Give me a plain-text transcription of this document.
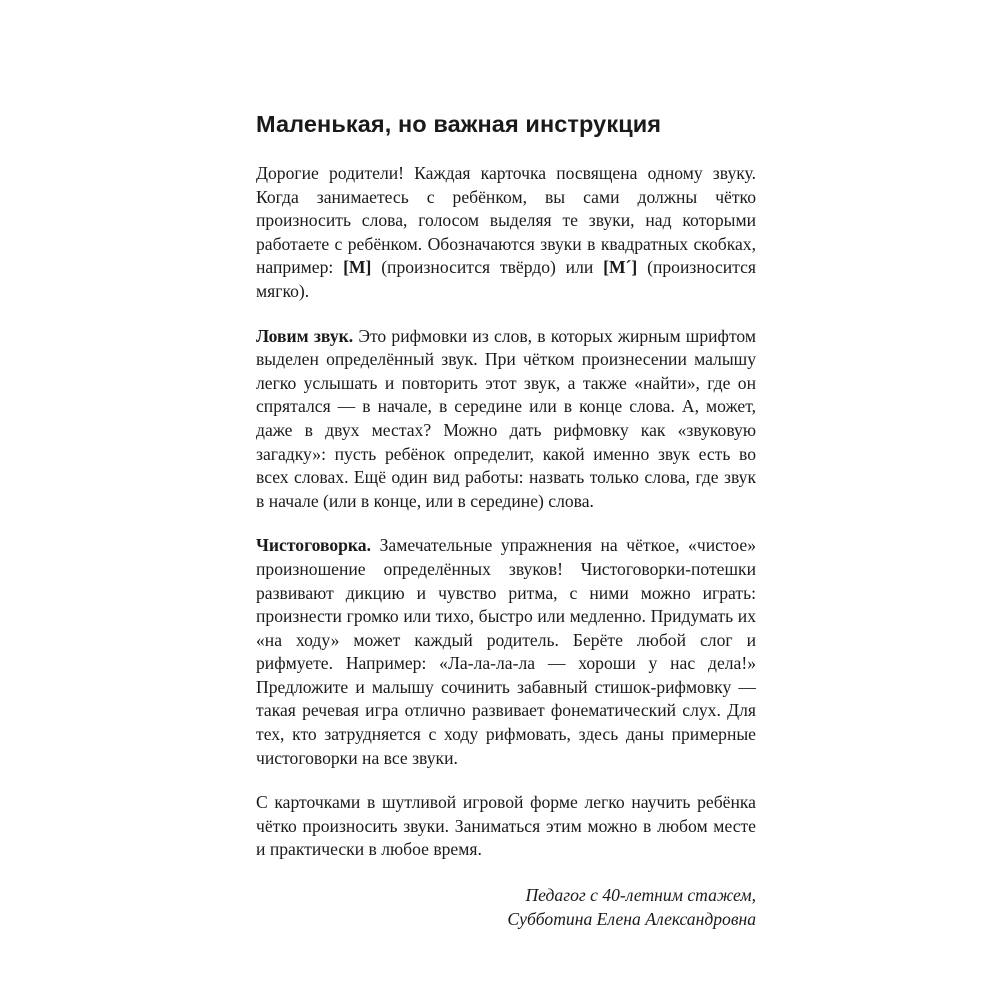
Маленькая, но важная инструкция

Дорогие родители! Каждая карточка посвящена одному звуку. Когда занимаетесь с ребёнком, вы сами должны чётко произносить слова, голосом выделяя те звуки, над которыми работаете с ребёнком. Обозначаются звуки в квадратных скобках, например: [М] (произносится твёрдо) или [М´] (произносится мягко).

Ловим звук. Это рифмовки из слов, в которых жирным шрифтом выделен определённый звук. При чётком произнесении малышу легко услышать и повторить этот звук, а также «найти», где он спрятался — в начале, в середине или в конце слова. А, может, даже в двух местах? Можно дать рифмовку как «звуковую загадку»: пусть ребёнок определит, какой именно звук есть во всех словах. Ещё один вид работы: назвать только слова, где звук в начале (или в конце, или в середине) слова.

Чистоговорка. Замечательные упражнения на чёткое, «чистое» произношение определённых звуков! Чистоговорки-потешки развивают дикцию и чувство ритма, с ними можно играть: произнести громко или тихо, быстро или медленно. Придумать их «на ходу» может каждый родитель. Берёте любой слог и рифмуете. Например: «Ла-ла-ла-ла — хороши у нас дела!» Предложите и малышу сочинить забавный стишок-рифмовку — такая речевая игра отлично развивает фонематический слух. Для тех, кто затрудняется с ходу рифмовать, здесь даны примерные чистоговорки на все звуки.

С карточками в шутливой игровой форме легко научить ребёнка чётко произносить звуки. Заниматься этим можно в любом месте и практически в любое время.

Педагог с 40-летним стажем,
Субботина Елена Александровна
